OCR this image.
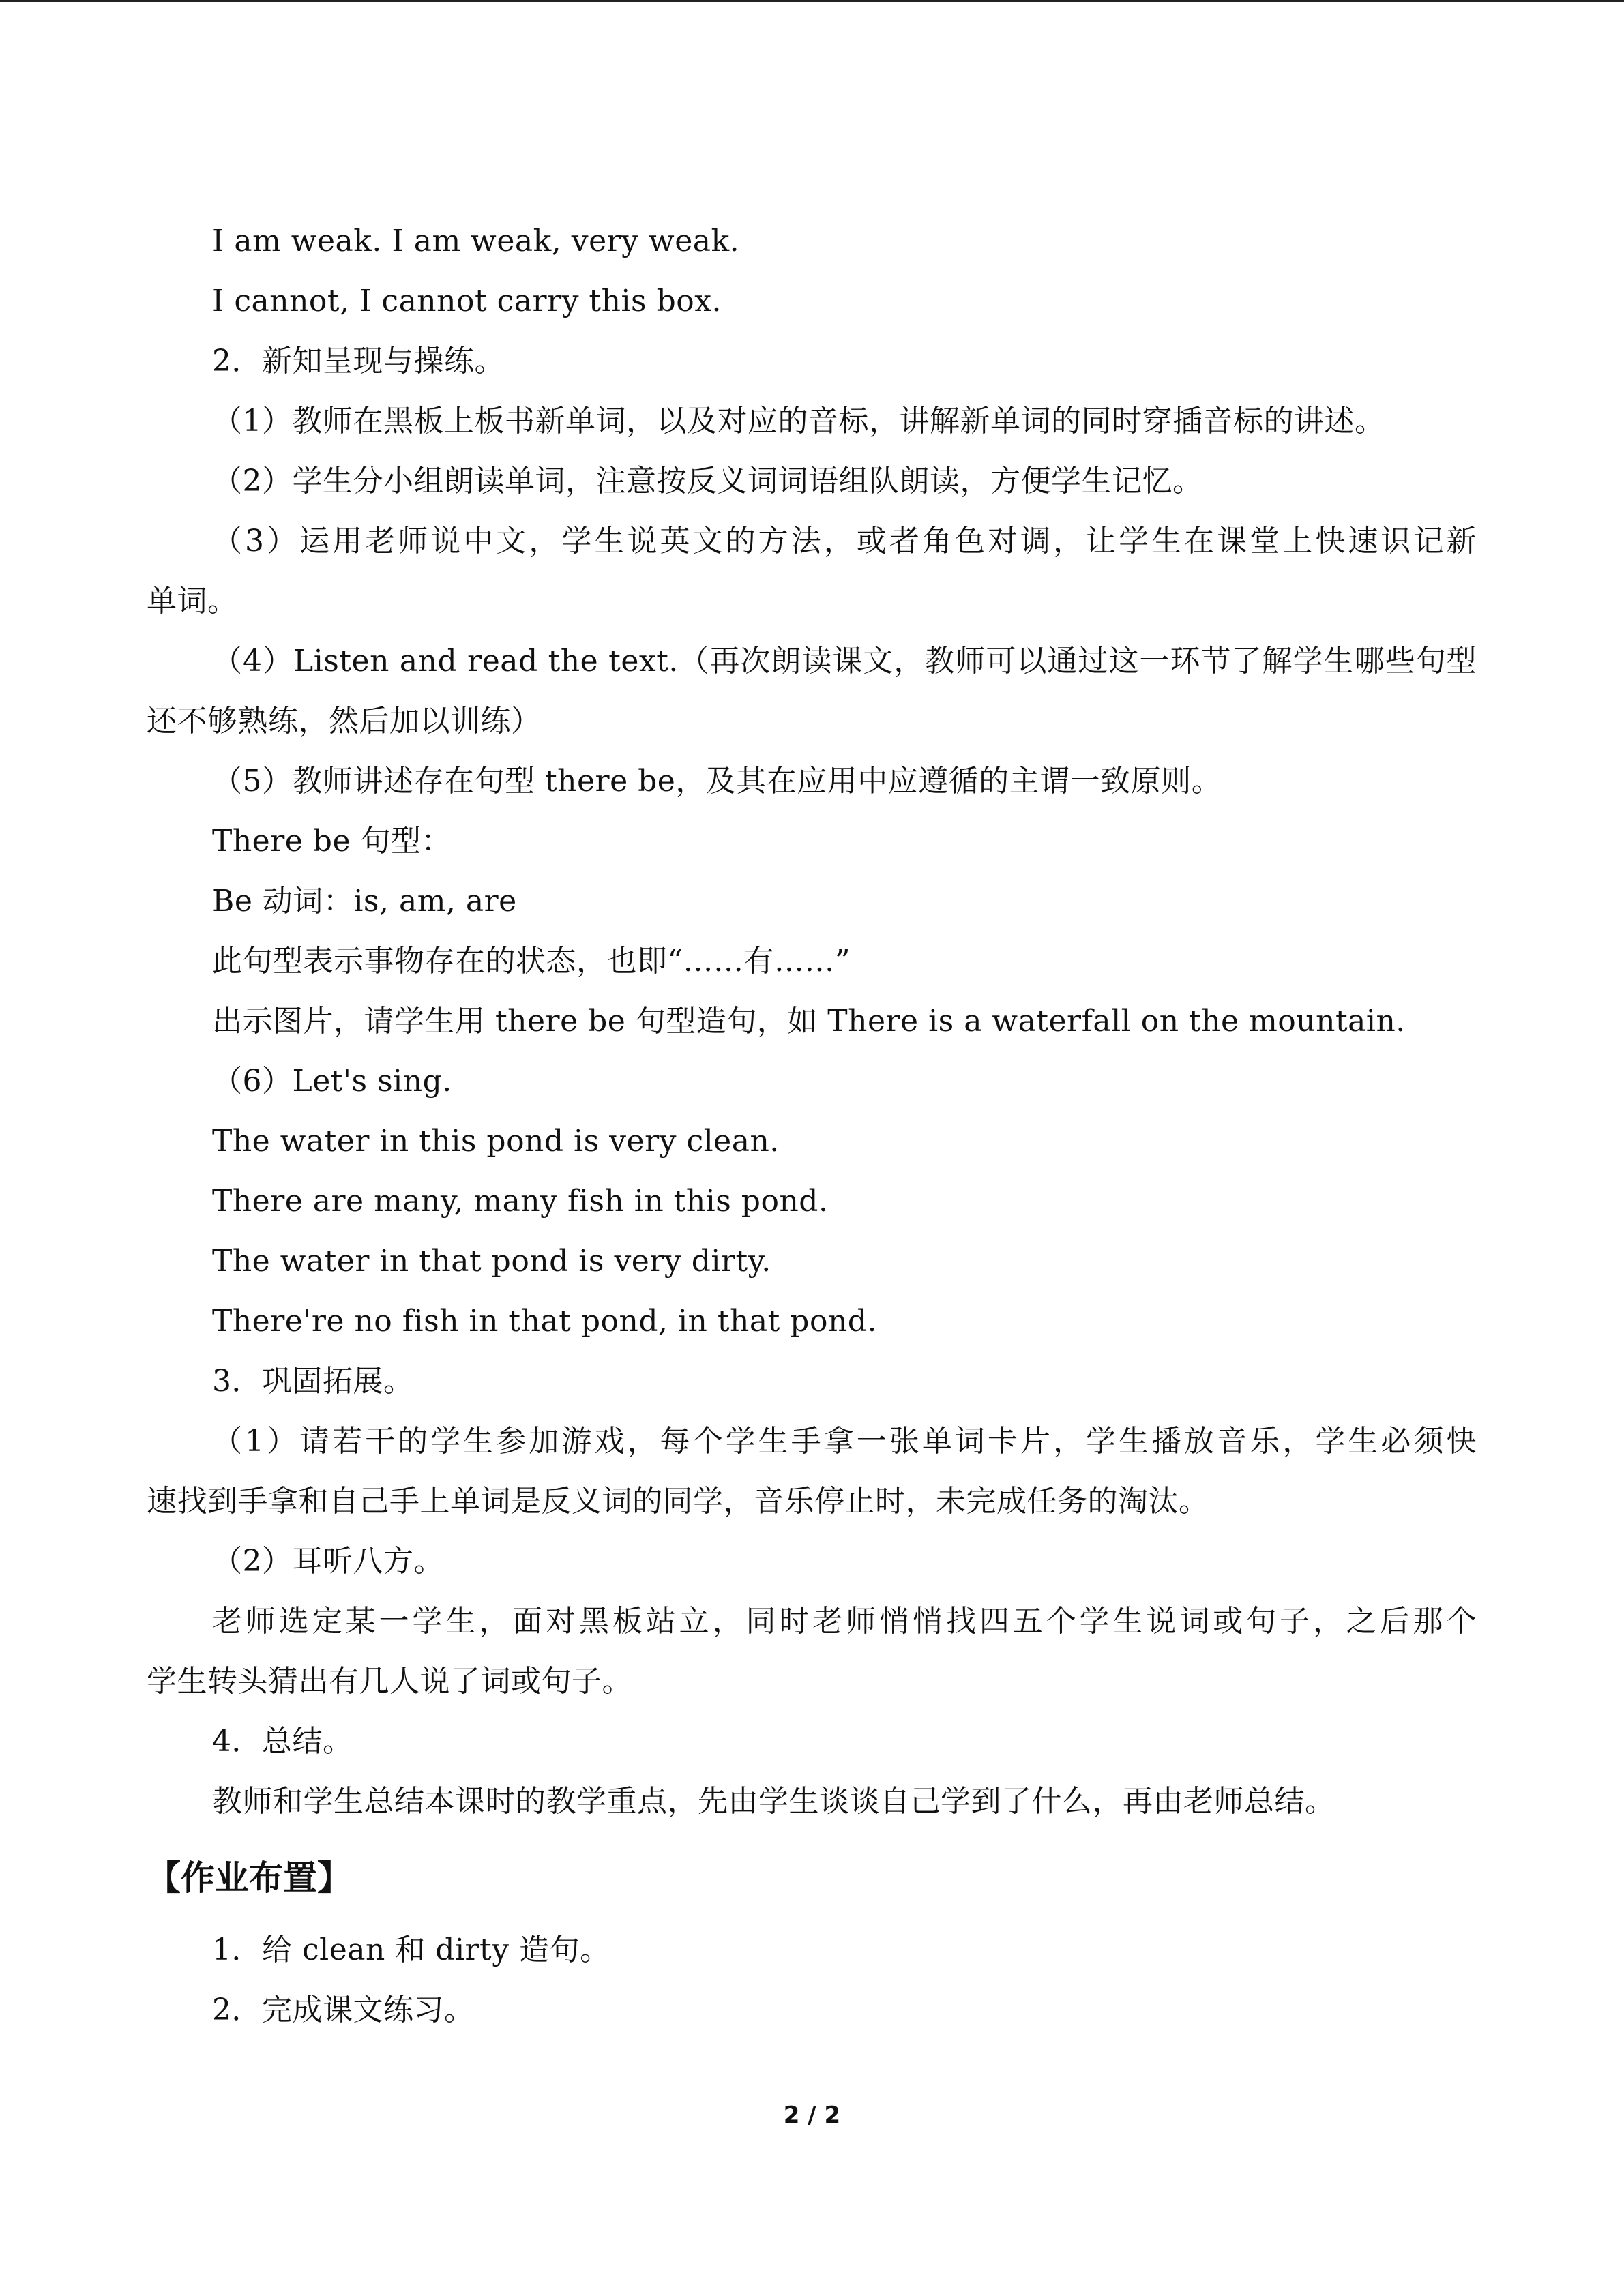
I am weak. I am weak, very weak.
I cannot, I cannot carry this box.
2．新知呈现与操练。
（1）教师在黑板上板书新单词，以及对应的音标，讲解新单词的同时穿插音标的讲述。
（2）学生分小组朗读单词，注意按反义词词语组队朗读，方便学生记忆。
（3）运用老师说中文，学生说英文的方法，或者角色对调，让学生在课堂上快速识记新
单词。
（4）Listen and read the text.（再次朗读课文，教师可以通过这一环节了解学生哪些句型
还不够熟练，然后加以训练）
（5）教师讲述存在句型 there be，及其在应用中应遵循的主谓一致原则。
There be 句型：
Be 动词：is, am, are
此句型表示事物存在的状态，也即“……有……”
出示图片，请学生用 there be 句型造句，如 There is a waterfall on the mountain.
（6）Let's sing.
The water in this pond is very clean.
There are many, many fish in this pond.
The water in that pond is very dirty.
There're no fish in that pond, in that pond.
3．巩固拓展。
（1）请若干的学生参加游戏，每个学生手拿一张单词卡片，学生播放音乐，学生必须快
速找到手拿和自己手上单词是反义词的同学，音乐停止时，未完成任务的淘汰。
（2）耳听八方。
老师选定某一学生，面对黑板站立，同时老师悄悄找四五个学生说词或句子，之后那个
学生转头猜出有几人说了词或句子。
4．总结。
教师和学生总结本课时的教学重点，先由学生谈谈自己学到了什么，再由老师总结。
【作业布置】
1．给 clean 和 dirty 造句。
2．完成课文练习。
2 / 2
